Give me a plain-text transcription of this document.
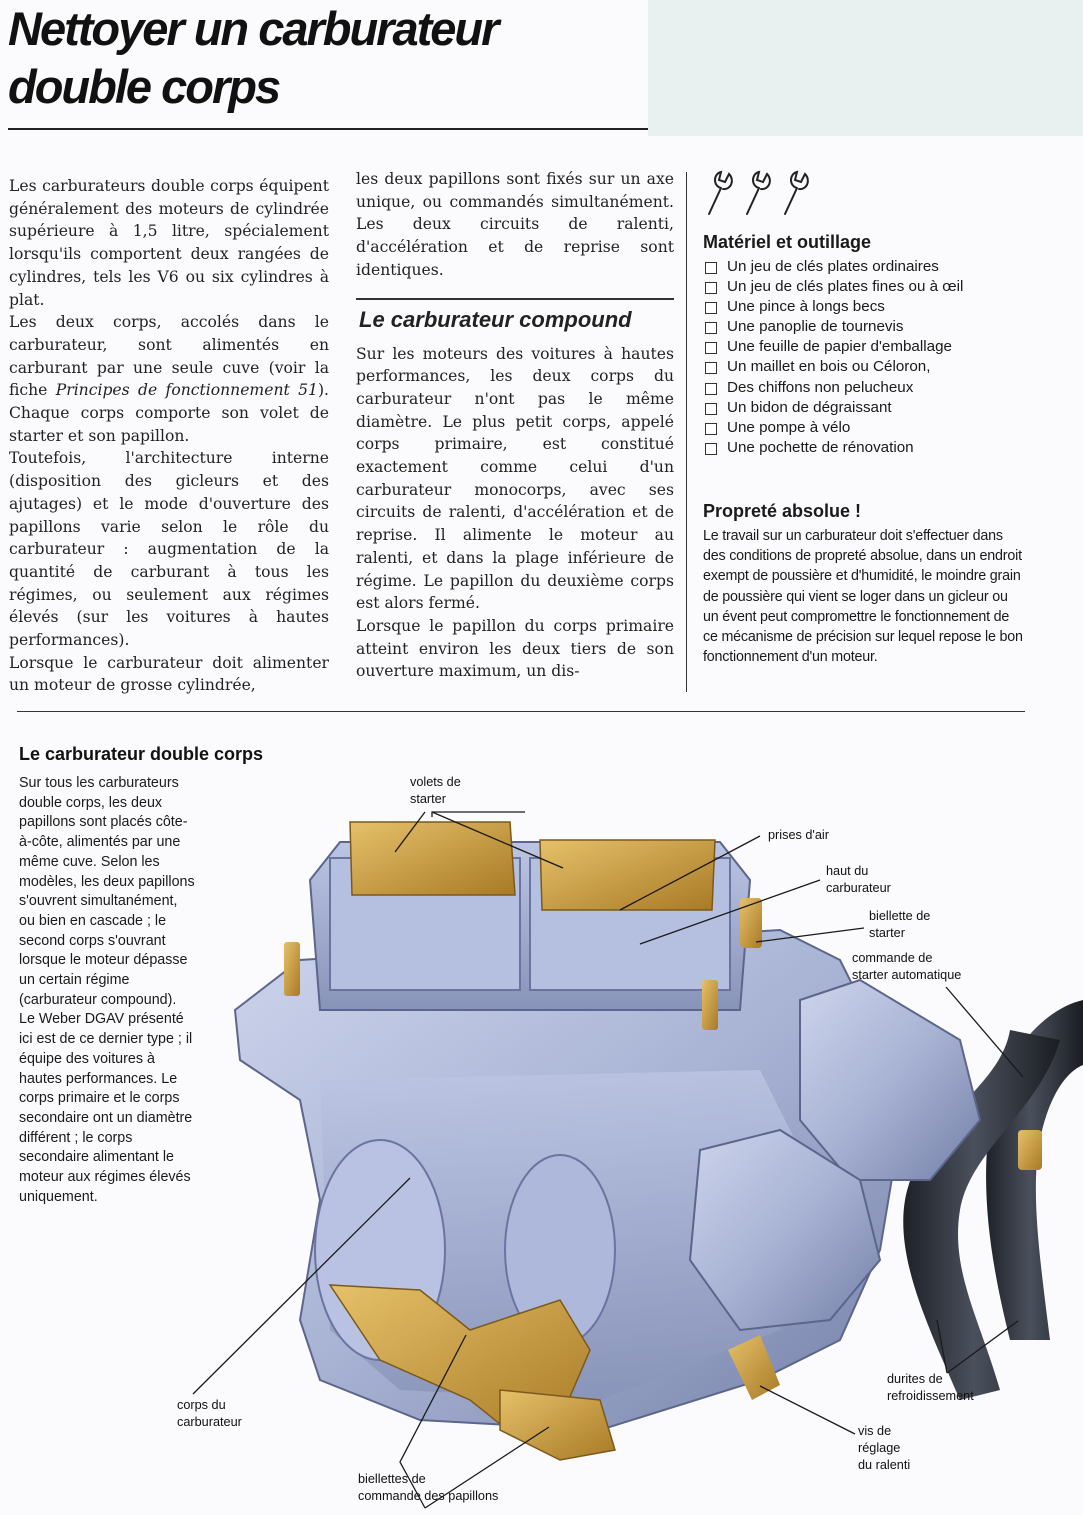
Nettoyer un carburateur
double corps

Les carburateurs double corps équipent généralement des moteurs de cylindrée supérieure à 1,5 litre, spécialement lorsqu'ils comportent deux rangées de cylindres, tels les V6 ou six cylindres à plat.

Les deux corps, accolés dans le carburateur, sont alimentés en carburant par une seule cuve (voir la fiche Principes de fonctionnement 51). Chaque corps comporte son volet de starter et son papillon.

Toutefois, l'architecture interne (disposition des gicleurs et des ajutages) et le mode d'ouverture des papillons varie selon le rôle du carburateur : augmentation de la quantité de carburant à tous les régimes, ou seulement aux régimes élevés (sur les voitures à hautes performances).

Lorsque le carburateur doit alimenter un moteur de grosse cylindrée,

les deux papillons sont fixés sur un axe unique, ou commandés simultanément. Les deux circuits de ralenti, d'accélération et de reprise sont identiques.

Le carburateur compound

Sur les moteurs des voitures à hautes performances, les deux corps du carburateur n'ont pas le même diamètre. Le plus petit corps, appelé corps primaire, est constitué exactement comme celui d'un carburateur monocorps, avec ses circuits de ralenti, d'accélération et de reprise. Il alimente le moteur au ralenti, et dans la plage inférieure de régime. Le papillon du deuxième corps est alors fermé.

Lorsque le papillon du corps primaire atteint environ les deux tiers de son ouverture maximum, un dis-

Matériel et outillage
Un jeu de clés plates ordinaires
Un jeu de clés plates fines ou à œil
Une pince à longs becs
Une panoplie de tournevis
Une feuille de papier d'emballage
Un maillet en bois ou Céloron,
Des chiffons non pelucheux
Un bidon de dégraissant
Une pompe à vélo
Une pochette de rénovation
Propreté absolue !
Le travail sur un carburateur doit s'effectuer dans des conditions de propreté absolue, dans un endroit exempt de poussière et d'humidité, le moindre grain de poussière qui vient se loger dans un gicleur ou un évent peut compromettre le fonctionnement de ce mécanisme de précision sur lequel repose le bon fonctionnement d'un moteur.
Le carburateur double corps
Sur tous les carburateurs double corps, les deux papillons sont placés côte-à-côte, alimentés par une même cuve. Selon les modèles, les deux papillons s'ouvrent simultanément, ou bien en cascade ; le second corps s'ouvrant lorsque le moteur dépasse un certain régime (carburateur compound). Le Weber DGAV présenté ici est de ce dernier type ; il équipe des voitures à hautes performances. Le corps primaire et le corps secondaire ont un diamètre différent ; le corps secondaire alimentant le moteur aux régimes élevés uniquement.
volets de
starter
prises d'air
haut du
carburateur
biellette de
starter
commande de
starter automatique
corps du
carburateur
biellettes de
commande des papillons
vis de
réglage
du ralenti
durites de
refroidissement
